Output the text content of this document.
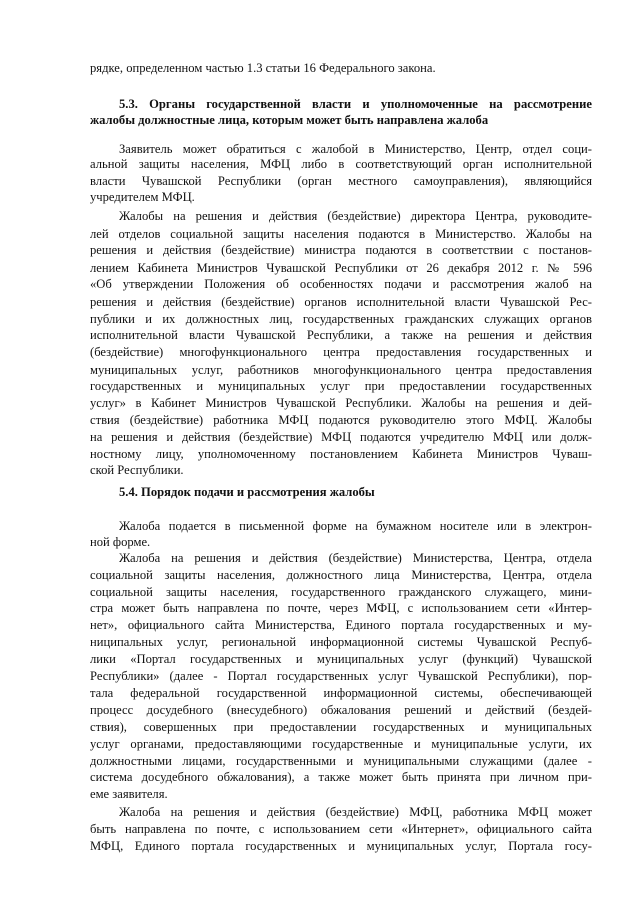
рядке, определенном частью 1.3 статьи 16 Федерального закона.
5.3. Органы государственной власти и уполномоченные на рассмотрение
жалобы должностные лица, которым может быть направлена жалоба
Заявитель может обратиться с жалобой в Министерство, Центр, отдел соци-
альной защиты населения, МФЦ либо в соответствующий орган исполнительной
власти Чувашской Республики (орган местного самоуправления), являющийся
учредителем МФЦ.
Жалобы на решения и действия (бездействие) директора Центра, руководите-
лей отделов социальной защиты населения подаются в Министерство. Жалобы на
решения и действия (бездействие) министра подаются в соответствии с постанов-
лением Кабинета Министров Чувашской Республики от 26 декабря 2012 г. № 596
«Об утверждении Положения об особенностях подачи и рассмотрения жалоб на
решения и действия (бездействие) органов исполнительной власти Чувашской Рес-
публики и их должностных лиц, государственных гражданских служащих органов
исполнительной власти Чувашской Республики, а также на решения и действия
(бездействие) многофункционального центра предоставления государственных и
муниципальных услуг, работников многофункционального центра предоставления
государственных и муниципальных услуг при предоставлении государственных
услуг» в Кабинет Министров Чувашской Республики. Жалобы на решения и дей-
ствия (бездействие) работника МФЦ подаются руководителю этого МФЦ. Жалобы
на решения и действия (бездействие) МФЦ подаются учредителю МФЦ или долж-
ностному лицу, уполномоченному постановлением Кабинета Министров Чуваш-
ской Республики.
5.4. Порядок подачи и рассмотрения жалобы
Жалоба подается в письменной форме на бумажном носителе или в электрон-
ной форме.
Жалоба на решения и действия (бездействие) Министерства, Центра, отдела
социальной защиты населения, должностного лица Министерства, Центра, отдела
социальной защиты населения, государственного гражданского служащего, мини-
стра может быть направлена по почте, через МФЦ, с использованием сети «Интер-
нет», официального сайта Министерства, Единого портала государственных и му-
ниципальных услуг, региональной информационной системы Чувашской Респуб-
лики «Портал государственных и муниципальных услуг (функций) Чувашской
Республики» (далее - Портал государственных услуг Чувашской Республики), пор-
тала федеральной государственной информационной системы, обеспечивающей
процесс досудебного (внесудебного) обжалования решений и действий (бездей-
ствия), совершенных при предоставлении государственных и муниципальных
услуг органами, предоставляющими государственные и муниципальные услуги, их
должностными лицами, государственными и муниципальными служащими (далее -
система досудебного обжалования), а также может быть принята при личном при-
еме заявителя.
Жалоба на решения и действия (бездействие) МФЦ, работника МФЦ может
быть направлена по почте, с использованием сети «Интернет», официального сайта
МФЦ, Единого портала государственных и муниципальных услуг, Портала госу-
